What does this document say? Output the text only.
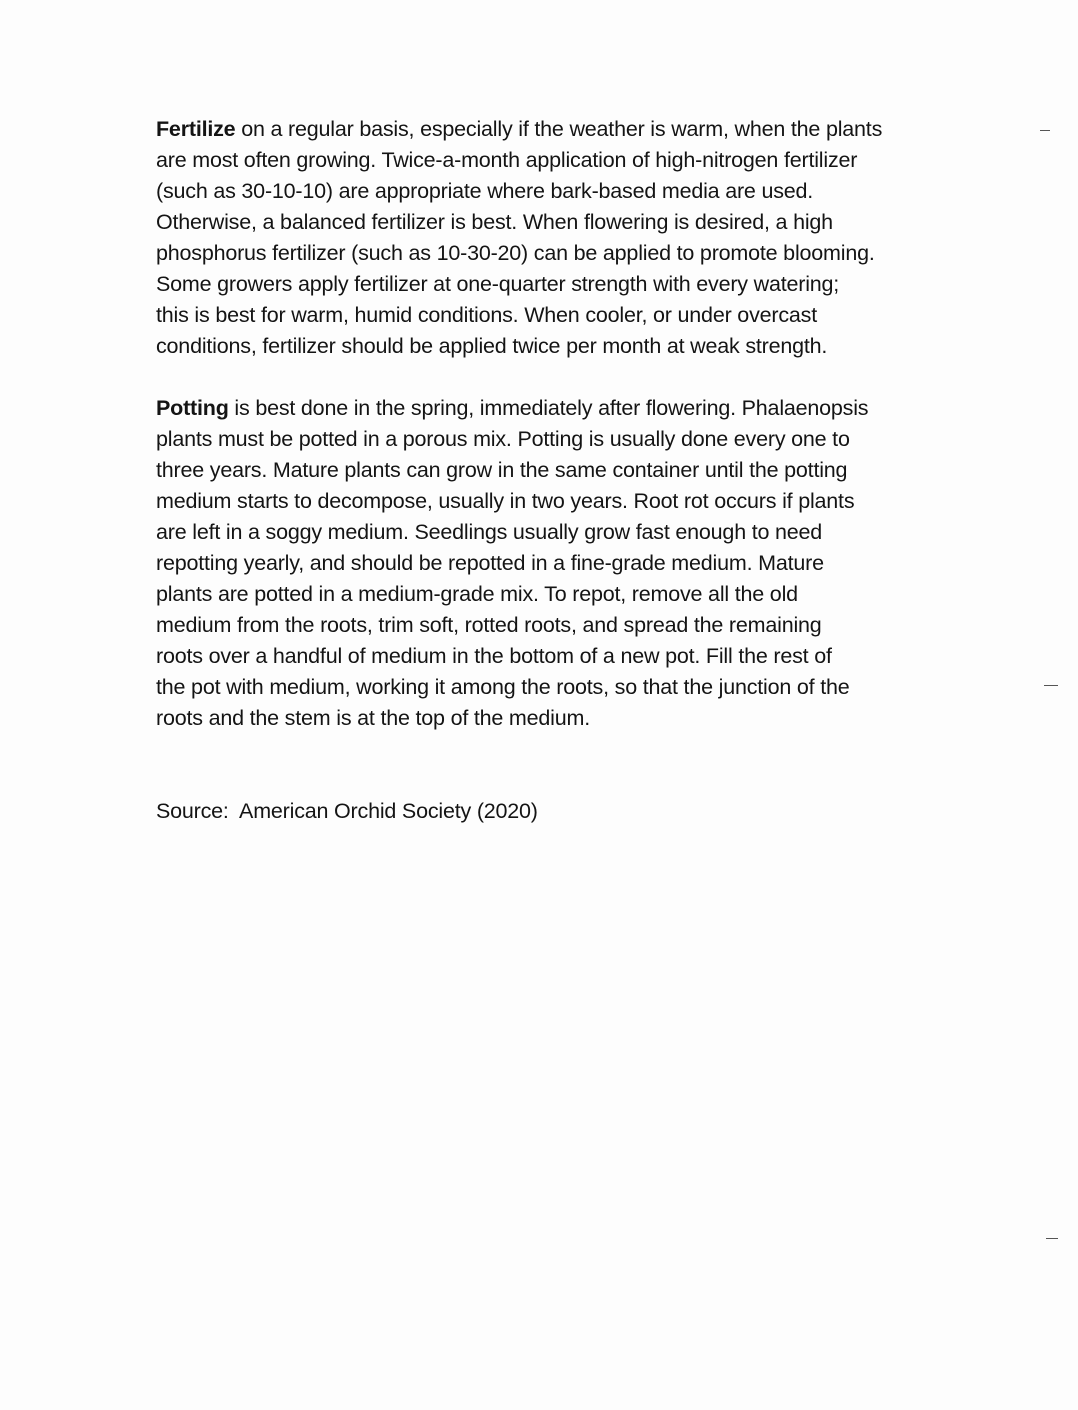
Fertilize on a regular basis, especially if the weather is warm, when the plants
are most often growing. Twice-a-month application of high-nitrogen fertilizer
(such as 30-10-10) are appropriate where bark-based media are used.
Otherwise, a balanced fertilizer is best. When flowering is desired, a high
phosphorus fertilizer (such as 10-30-20) can be applied to promote blooming.
Some growers apply fertilizer at one-quarter strength with every watering;
this is best for warm, humid conditions. When cooler, or under overcast
conditions, fertilizer should be applied twice per month at weak strength.

Potting is best done in the spring, immediately after flowering. Phalaenopsis
plants must be potted in a porous mix. Potting is usually done every one to
three years. Mature plants can grow in the same container until the potting
medium starts to decompose, usually in two years. Root rot occurs if plants
are left in a soggy medium. Seedlings usually grow fast enough to need
repotting yearly, and should be repotted in a fine-grade medium. Mature
plants are potted in a medium-grade mix. To repot, remove all the old
medium from the roots, trim soft, rotted roots, and spread the remaining
roots over a handful of medium in the bottom of a new pot. Fill the rest of
the pot with medium, working it among the roots, so that the junction of the
roots and the stem is at the top of the medium.

Source:  American Orchid Society (2020)
